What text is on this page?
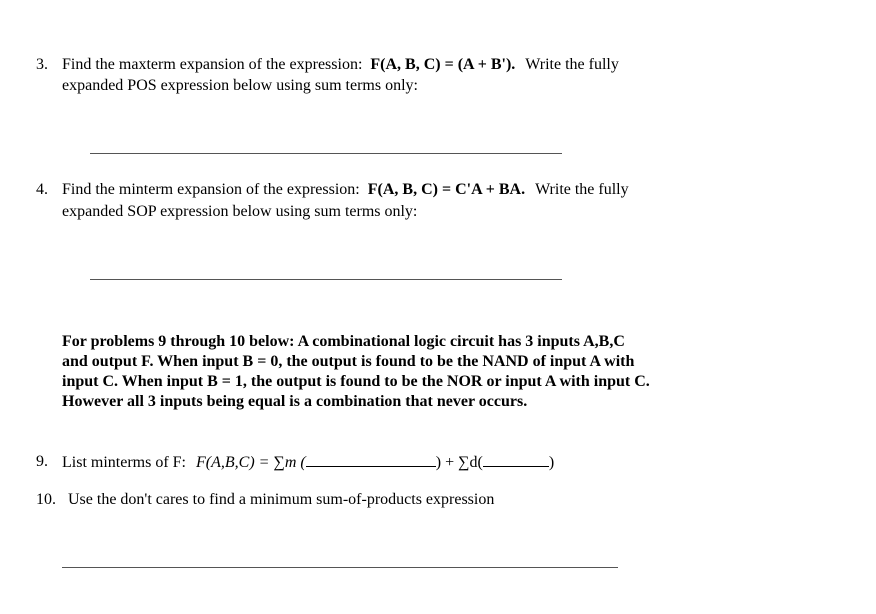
3. Find the maxterm expansion of the expression: F(A, B, C) = (A + B'). Write the fully
expanded POS expression below using sum terms only:
4. Find the minterm expansion of the expression: F(A, B, C) = C'A + BA. Write the fully
expanded SOP expression below using sum terms only:
For problems 9 through 10 below: A combinational logic circuit has 3 inputs A,B,C
and output F. When input B = 0, the output is found to be the NAND of input A with
input C. When input B = 1, the output is found to be the NOR or input A with input C.
However all 3 inputs being equal is a combination that never occurs.
9. List minterms of F: F(A,B,C) = ∑m (	) + ∑d(	)
10. Use the don't cares to find a minimum sum-of-products expression
